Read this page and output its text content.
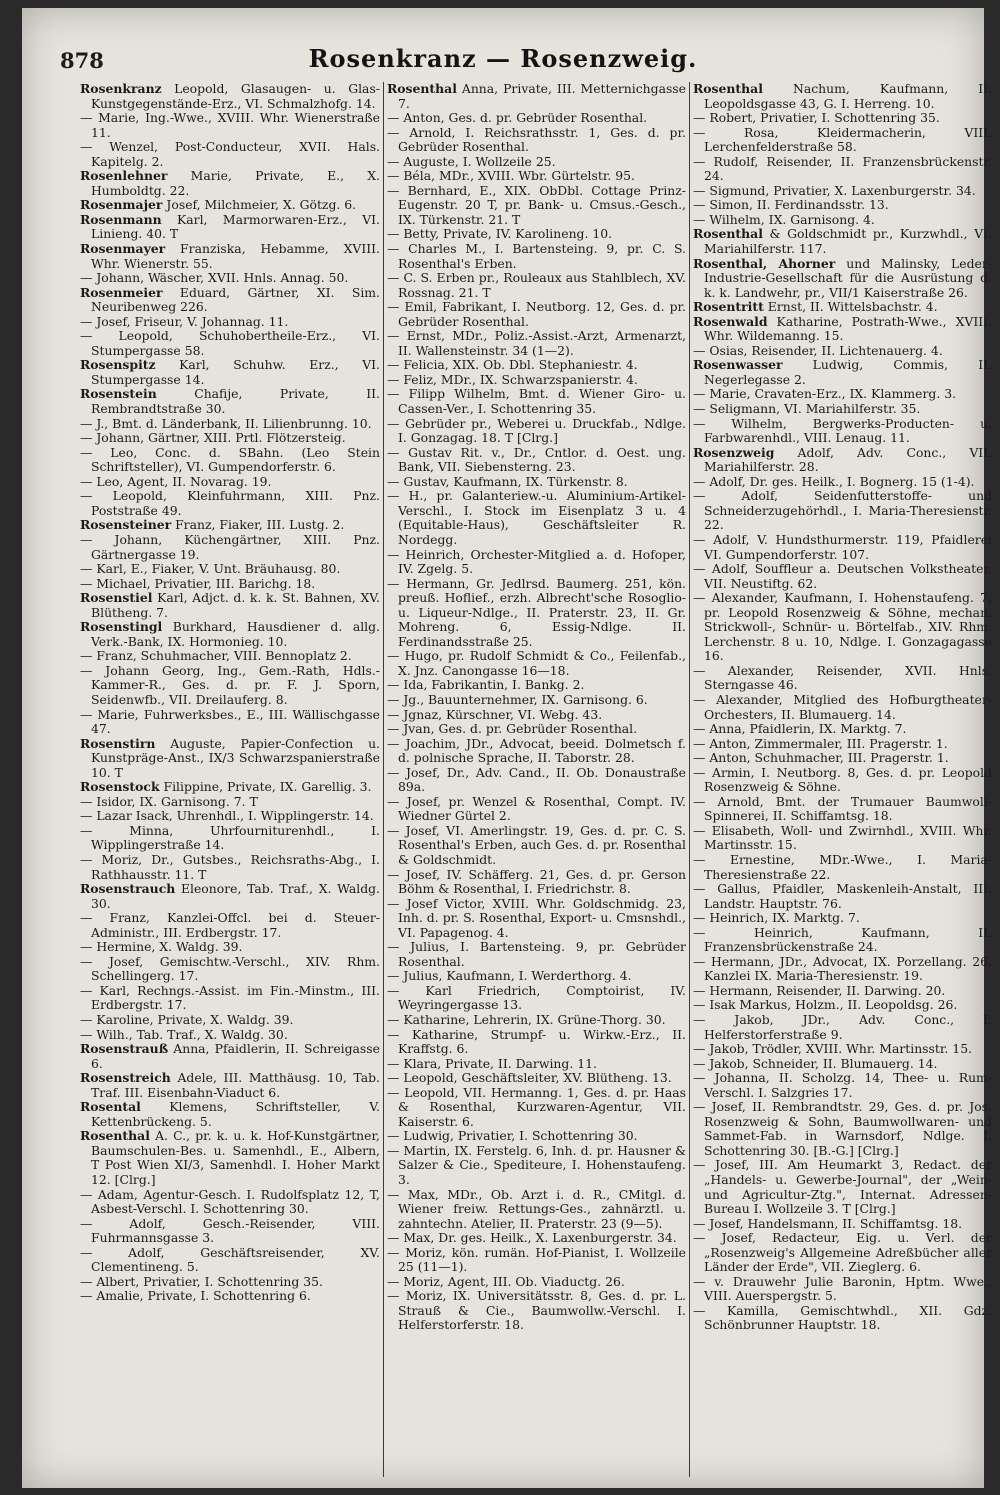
878	Rosenkranz — Rosenzweig.
Rosenkranz Leopold, Glasaugen- u. Glas-Kunstgegenstände-Erz., VI. Schmalzhofg. 14.
— Marie, Ing.-Wwe., XVIII. Whr. Wienerstraße 11.
— Wenzel, Post-Conducteur, XVII. Hals. Kapitelg. 2.
Rosenlehner Marie, Private, E., X. Humboldtg. 22.
Rosenmajer Josef, Milchmeier, X. Götzg. 6.
Rosenmann Karl, Marmorwaren-Erz., VI. Linieng. 40. T
Rosenmayer Franziska, Hebamme, XVIII. Whr. Wienerstr. 55.
— Johann, Wäscher, XVII. Hnls. Annag. 50.
Rosenmeier Eduard, Gärtner, XI. Sim. Neuribenweg 226.
— Josef, Friseur, V. Johannag. 11.
— Leopold, Schuhobertheile-Erz., VI. Stumpergasse 58.
Rosenspitz Karl, Schuhw. Erz., VI. Stumpergasse 14.
Rosenstein Chafije, Private, II. Rembrandtstraße 30.
— J., Bmt. d. Länderbank, II. Lilienbrunng. 10.
— Johann, Gärtner, XIII. Prtl. Flötzersteig.
— Leo, Conc. d. SBahn. (Leo Stein Schriftsteller), VI. Gumpendorferstr. 6.
— Leo, Agent, II. Novarag. 19.
— Leopold, Kleinfuhrmann, XIII. Pnz. Poststraße 49.
Rosensteiner Franz, Fiaker, III. Lustg. 2.
— Johann, Küchengärtner, XIII. Pnz. Gärtnergasse 19.
— Karl, E., Fiaker, V. Unt. Bräuhausg. 80.
— Michael, Privatier, III. Barichg. 18.
Rosenstiel Karl, Adjct. d. k. k. St. Bahnen, XV. Blütheng. 7.
Rosenstingl Burkhard, Hausdiener d. allg. Verk.-Bank, IX. Hormonieg. 10.
— Franz, Schuhmacher, VIII. Bennoplatz 2.
— Johann Georg, Ing., Gem.-Rath, Hdls.-Kammer-R., Ges. d. pr. F. J. Sporn, Seidenwfb., VII. Dreilauferg. 8.
— Marie, Fuhrwerksbes., E., III. Wällischgasse 47.
Rosenstirn Auguste, Papier-Confection u. Kunstpräge-Anst., IX/3 Schwarzspanierstraße 10. T
Rosenstock Filippine, Private, IX. Garellig. 3.
— Isidor, IX. Garnisong. 7. T
— Lazar Isack, Uhrenhdl., I. Wipplingerstr. 14.
— Minna, Uhrfourniturenhdl., I. Wipplingerstraße 14.
— Moriz, Dr., Gutsbes., Reichsraths-Abg., I. Rathhausstr. 11. T
Rosenstrauch Eleonore, Tab. Traf., X. Waldg. 30.
— Franz, Kanzlei-Offcl. bei d. Steuer-Administr., III. Erdbergstr. 17.
— Hermine, X. Waldg. 39.
— Josef, Gemischtw.-Verschl., XIV. Rhm. Schellingerg. 17.
— Karl, Rechngs.-Assist. im Fin.-Minstm., III. Erdbergstr. 17.
— Karoline, Private, X. Waldg. 39.
— Wilh., Tab. Traf., X. Waldg. 30.
Rosenstrauß Anna, Pfaidlerin, II. Schreigasse 6.
Rosenstreich Adele, III. Matthäusg. 10, Tab. Traf. III. Eisenbahn-Viaduct 6.
Rosental Klemens, Schriftsteller, V. Kettenbrückeng. 5.
Rosenthal A. C., pr. k. u. k. Hof-Kunstgärtner, Baumschulen-Bes. u. Samenhdl., E., Albern, T Post Wien XI/3, Samenhdl. I. Hoher Markt 12. [Clrg.]
— Adam, Agentur-Gesch. I. Rudolfsplatz 12, T, Asbest-Verschl. I. Schottenring 30.
— Adolf, Gesch.-Reisender, VIII. Fuhrmannsgasse 3.
— Adolf, Geschäftsreisender, XV. Clementineng. 5.
— Albert, Privatier, I. Schottenring 35.
— Amalie, Private, I. Schottenring 6.
Rosenthal Anna, Private, III. Metternichgasse 7.
— Anton, Ges. d. pr. Gebrüder Rosenthal.
— Arnold, I. Reichsrathsstr. 1, Ges. d. pr. Gebrüder Rosenthal.
— Auguste, I. Wollzeile 25.
— Béla, MDr., XVIII. Wbr. Gürtelstr. 95.
— Bernhard, E., XIX. ObDbl. Cottage Prinz-Eugenstr. 20 T, pr. Bank- u. Cmsus.-Gesch., IX. Türkenstr. 21. T
— Betty, Private, IV. Karolineng. 10.
— Charles M., I. Bartensteing. 9, pr. C. S. Rosenthal's Erben.
— C. S. Erben pr., Rouleaux aus Stahlblech, XV. Rossnag. 21. T
— Emil, Fabrikant, I. Neutborg. 12, Ges. d. pr. Gebrüder Rosenthal.
— Ernst, MDr., Poliz.-Assist.-Arzt, Armenarzt, II. Wallensteinstr. 34 (1—2).
— Felicia, XIX. Ob. Dbl. Stephaniestr. 4.
— Feliz, MDr., IX. Schwarzspanierstr. 4.
— Filipp Wilhelm, Bmt. d. Wiener Giro- u. Cassen-Ver., I. Schottenring 35.
— Gebrüder pr., Weberei u. Druckfab., Ndlge. I. Gonzagag. 18. T [Clrg.]
— Gustav Rit. v., Dr., Cntlor. d. Oest. ung. Bank, VII. Siebensterng. 23.
— Gustav, Kaufmann, IX. Türkenstr. 8.
— H., pr. Galanteriew.-u. Aluminium-Artikel-Verschl., I. Stock im Eisenplatz 3 u. 4 (Equitable-Haus), Geschäftsleiter R. Nordegg.
— Heinrich, Orchester-Mitglied a. d. Hofoper, IV. Zgelg. 5.
— Hermann, Gr. Jedlrsd. Baumerg. 251, kön. preuß. Hoflief., erzh. Albrecht'sche Rosoglio- u. Liqueur-Ndlge., II. Praterstr. 23, II. Gr. Mohreng. 6, Essig-Ndlge. II. Ferdinandsstraße 25.
— Hugo, pr. Rudolf Schmidt & Co., Feilenfab., X. Jnz. Canongasse 16—18.
— Ida, Fabrikantin, I. Bankg. 2.
— Jg., Bauunternehmer, IX. Garnisong. 6.
— Jgnaz, Kürschner, VI. Webg. 43.
— Jvan, Ges. d. pr. Gebrüder Rosenthal.
— Joachim, JDr., Advocat, beeid. Dolmetsch f. d. polnische Sprache, II. Taborstr. 28.
— Josef, Dr., Adv. Cand., II. Ob. Donaustraße 89a.
— Josef, pr. Wenzel & Rosenthal, Compt. IV. Wiedner Gürtel 2.
— Josef, VI. Amerlingstr. 19, Ges. d. pr. C. S. Rosenthal's Erben, auch Ges. d. pr. Rosenthal & Goldschmidt.
— Josef, IV. Schäfferg. 21, Ges. d. pr. Gerson Böhm & Rosenthal, I. Friedrichstr. 8.
— Josef Victor, XVIII. Whr. Goldschmidg. 23, Inh. d. pr. S. Rosenthal, Export- u. Cmsnshdl., VI. Papagenog. 4.
— Julius, I. Bartensteing. 9, pr. Gebrüder Rosenthal.
— Julius, Kaufmann, I. Werderthorg. 4.
— Karl Friedrich, Comptoirist, IV. Weyringergasse 13.
— Katharine, Lehrerin, IX. Grüne-Thorg. 30.
— Katharine, Strumpf- u. Wirkw.-Erz., II. Kraffstg. 6.
— Klara, Private, II. Darwing. 11.
— Leopold, Geschäftsleiter, XV. Blütheng. 13.
— Leopold, VII. Hermanng. 1, Ges. d. pr. Haas & Rosenthal, Kurzwaren-Agentur, VII. Kaiserstr. 6.
— Ludwig, Privatier, I. Schottenring 30.
— Martin, IX. Ferstelg. 6, Inh. d. pr. Hausner & Salzer & Cie., Spediteure, I. Hohenstaufeng. 3.
— Max, MDr., Ob. Arzt i. d. R., CMitgl. d. Wiener freiw. Rettungs-Ges., zahnärztl. u. zahntechn. Atelier, II. Praterstr. 23 (9—5).
— Max, Dr. ges. Heilk., X. Laxenburgerstr. 34.
— Moriz, kön. rumän. Hof-Pianist, I. Wollzeile 25 (11—1).
— Moriz, Agent, III. Ob. Viaductg. 26.
— Moriz, IX. Universitätsstr. 8, Ges. d. pr. L. Strauß & Cie., Baumwollw.-Verschl. I. Helferstorferstr. 18.
Rosenthal Nachum, Kaufmann, II. Leopoldsgasse 43, G. I. Herreng. 10.
— Robert, Privatier, I. Schottenring 35.
— Rosa, Kleidermacherin, VIII. Lerchenfelderstraße 58.
— Rudolf, Reisender, II. Franzensbrückenstr. 24.
— Sigmund, Privatier, X. Laxenburgerstr. 34.
— Simon, II. Ferdinandsstr. 13.
— Wilhelm, IX. Garnisong. 4.
Rosenthal & Goldschmidt pr., Kurzwhdl., VI. Mariahilferstr. 117.
Rosenthal, Ahorner und Malinsky, Leder-Industrie-Gesellschaft für die Ausrüstung d. k. k. Landwehr, pr., VII/1 Kaiserstraße 26.
Rosentritt Ernst, II. Wittelsbachstr. 4.
Rosenwald Katharine, Postrath-Wwe., XVIII. Whr. Wildemanng. 15.
— Osias, Reisender, II. Lichtenauerg. 4.
Rosenwasser Ludwig, Commis, II. Negerlegasse 2.
— Marie, Cravaten-Erz., IX. Klammerg. 3.
— Seligmann, VI. Mariahilferstr. 35.
— Wilhelm, Bergwerks-Producten- u. Farbwarenhdl., VIII. Lenaug. 11.
Rosenzweig Adolf, Adv. Conc., VII. Mariahilferstr. 28.
— Adolf, Dr. ges. Heilk., I. Bognerg. 15 (1-4).
— Adolf, Seidenfutterstoffe- und Schneiderzugehörhdl., I. Maria-Theresienstr. 22.
— Adolf, V. Hundsthurmerstr. 119, Pfaidlerei VI. Gumpendorferstr. 107.
— Adolf, Souffleur a. Deutschen Volkstheater, VII. Neustiftg. 62.
— Alexander, Kaufmann, I. Hohenstaufeng. 7, pr. Leopold Rosenzweig & Söhne, mechan. Strickwoll-, Schnür- u. Börtelfab., XIV. Rhm. Lerchenstr. 8 u. 10, Ndlge. I. Gonzagagasse 16.
— Alexander, Reisender, XVII. Hnls. Sterngasse 46.
— Alexander, Mitglied des Hofburgtheater-Orchesters, II. Blumauerg. 14.
— Anna, Pfaidlerin, IX. Marktg. 7.
— Anton, Zimmermaler, III. Pragerstr. 1.
— Anton, Schuhmacher, III. Pragerstr. 1.
— Armin, I. Neutborg. 8, Ges. d. pr. Leopold Rosenzweig & Söhne.
— Arnold, Bmt. der Trumauer Baumwoll-Spinnerei, II. Schiffamtsg. 18.
— Elisabeth, Woll- und Zwirnhdl., XVIII. Whr. Martinsstr. 15.
— Ernestine, MDr.-Wwe., I. Maria-Theresienstraße 22.
— Gallus, Pfaidler, Maskenleih-Anstalt, III. Landstr. Hauptstr. 76.
— Heinrich, IX. Marktg. 7.
— Heinrich, Kaufmann, II. Franzensbrückenstraße 24.
— Hermann, JDr., Advocat, IX. Porzellang. 26, Kanzlei IX. Maria-Theresienstr. 19.
— Hermann, Reisender, II. Darwing. 20.
— Isak Markus, Holzm., II. Leopoldsg. 26.
— Jakob, JDr., Adv. Conc., I. Helferstorferstraße 9.
— Jakob, Trödler, XVIII. Whr. Martinsstr. 15.
— Jakob, Schneider, II. Blumauerg. 14.
— Johanna, II. Scholzg. 14, Thee- u. Rum-Verschl. I. Salzgries 17.
— Josef, II. Rembrandtstr. 29, Ges. d. pr. Jos. Rosenzweig & Sohn, Baumwollwaren- und Sammet-Fab. in Warnsdorf, Ndlge. I. Schottenring 30. [B.-G.] [Clrg.]
— Josef, III. Am Heumarkt 3, Redact. der „Handels- u. Gewerbe-Journal", der „Wein- und Agricultur-Ztg.", Internat. Adressen-Bureau I. Wollzeile 3. T [Clrg.]
— Josef, Handelsmann, II. Schiffamtsg. 18.
— Josef, Redacteur, Eig. u. Verl. der „Rosenzweig's Allgemeine Adreßbücher aller Länder der Erde", VII. Zieglerg. 6.
— v. Drauwehr Julie Baronin, Hptm. Wwe., VIII. Auerspergstr. 5.
— Kamilla, Gemischtwhdl., XII. Gdz. Schönbrunner Hauptstr. 18.
